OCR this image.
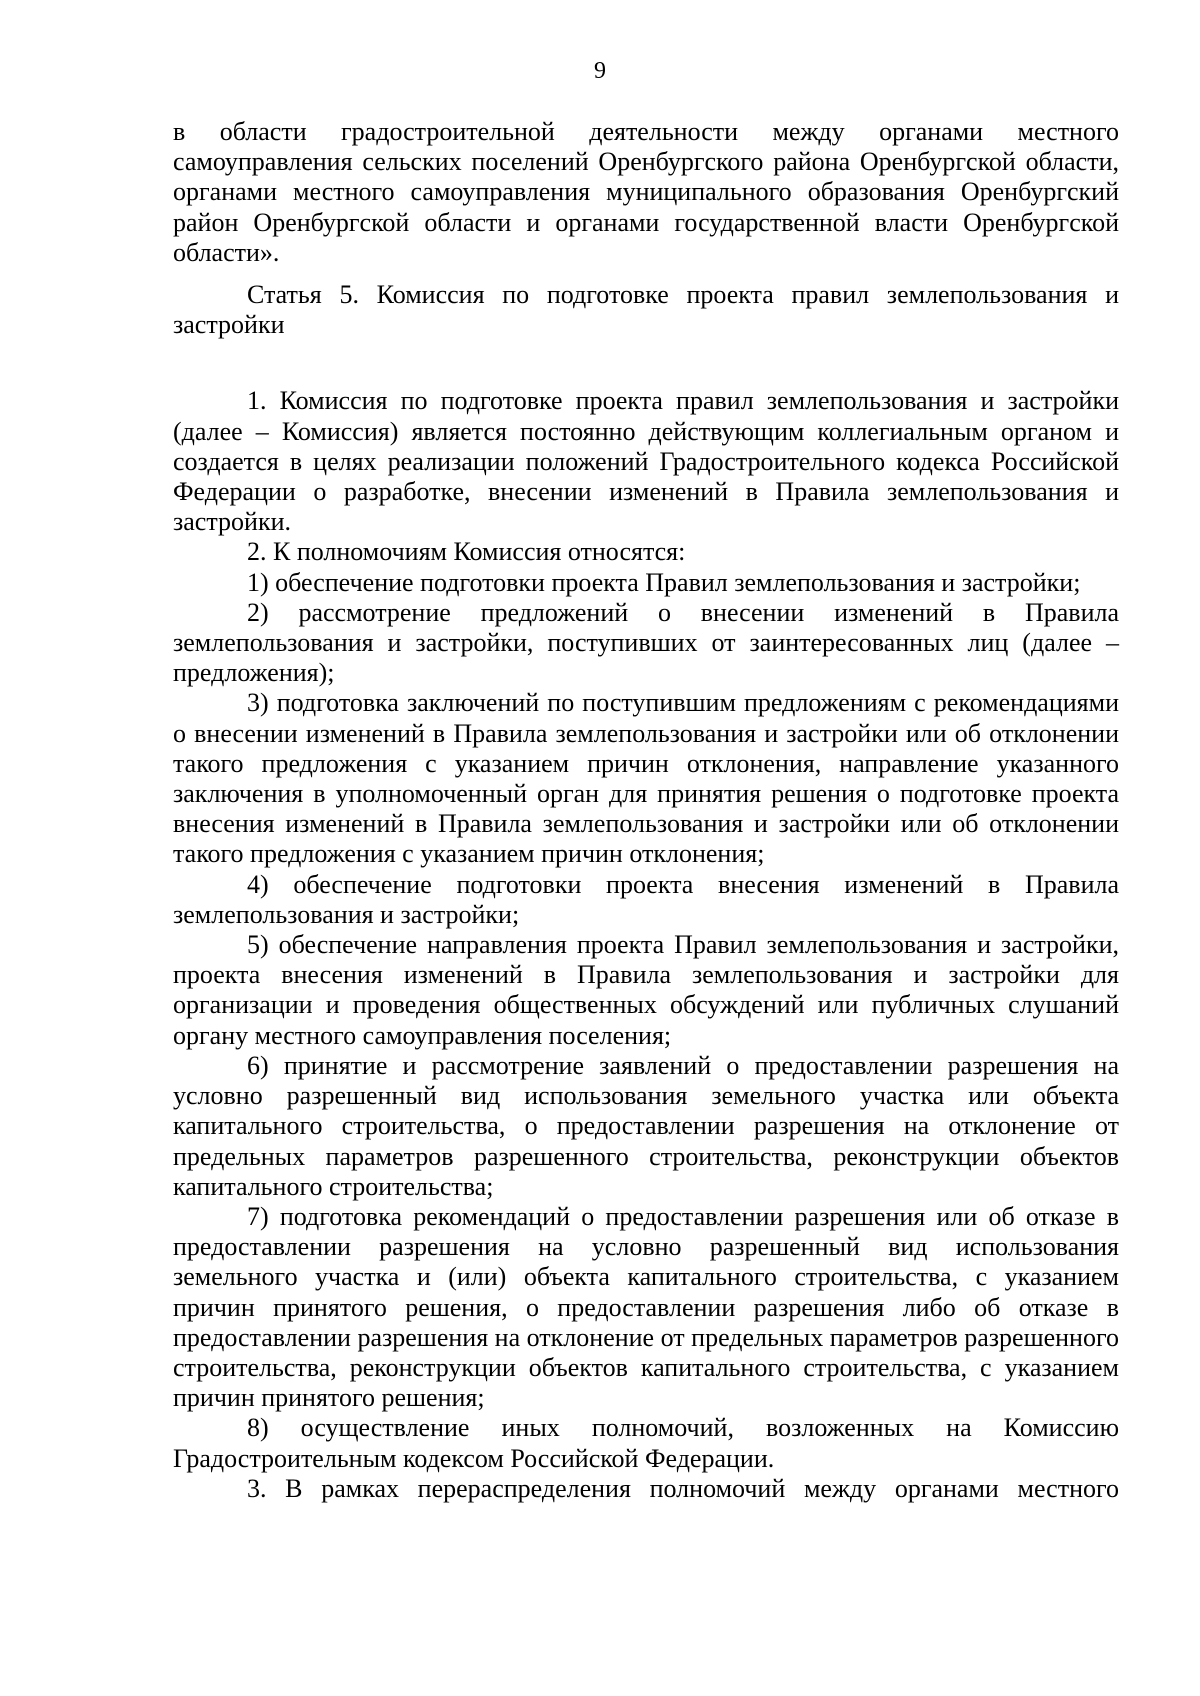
9

в области градостроительной деятельности между органами местного самоуправления сельских поселений Оренбургского района Оренбургской области, органами местного самоуправления муниципального образования Оренбургский район Оренбургской области и органами государственной власти Оренбургской области».

Статья 5. Комиссия по подготовке проекта правил землепользования и застройки

1. Комиссия по подготовке проекта правил землепользования и застройки (далее – Комиссия) является постоянно действующим коллегиальным органом и создается в целях реализации положений Градостроительного кодекса Российской Федерации о разработке, внесении изменений в Правила землепользования и застройки.

2. К полномочиям Комиссия относятся:

1) обеспечение подготовки проекта Правил землепользования и застройки;

2) рассмотрение предложений о внесении изменений в Правила землепользования и застройки, поступивших от заинтересованных лиц (далее – предложения);

3) подготовка заключений по поступившим предложениям с рекомендациями о внесении изменений в Правила землепользования и застройки или об отклонении такого предложения с указанием причин отклонения, направление указанного заключения в уполномоченный орган для принятия решения о подготовке проекта внесения изменений в Правила землепользования и застройки или об отклонении такого предложения с указанием причин отклонения;

4) обеспечение подготовки проекта внесения изменений в Правила землепользования и застройки;

5) обеспечение направления проекта Правил землепользования и застройки, проекта внесения изменений в Правила землепользования и застройки для организации и проведения общественных обсуждений или публичных слушаний органу местного самоуправления поселения;

6) принятие и рассмотрение заявлений о предоставлении разрешения на условно разрешенный вид использования земельного участка или объекта капитального строительства, о предоставлении разрешения на отклонение от предельных параметров разрешенного строительства, реконструкции объектов капитального строительства;

7) подготовка рекомендаций о предоставлении разрешения или об отказе в предоставлении разрешения на условно разрешенный вид использования земельного участка и (или) объекта капитального строительства, с указанием причин принятого решения, о предоставлении разрешения либо об отказе в предоставлении разрешения на отклонение от предельных параметров разрешенного строительства, реконструкции объектов капитального строительства, с указанием причин принятого решения;

8) осуществление иных полномочий, возложенных на Комиссию Градостроительным кодексом Российской Федерации.

3. В рамках перераспределения полномочий между органами местного
